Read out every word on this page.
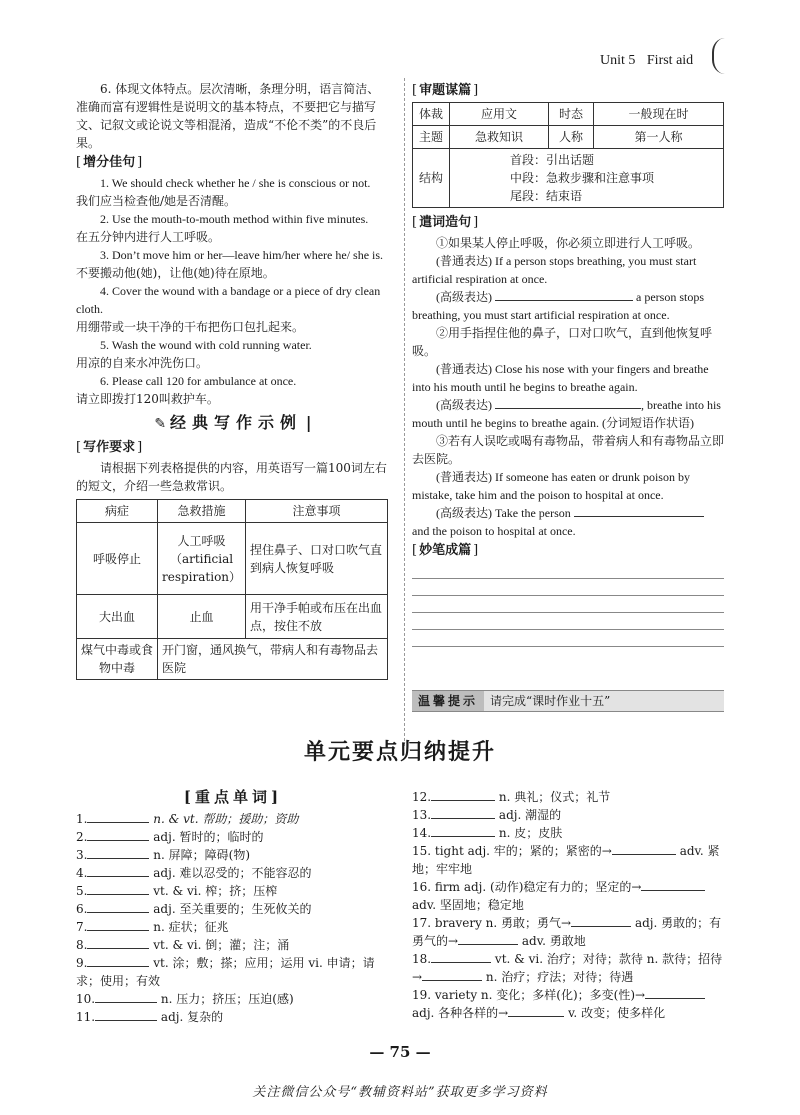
Unit 5 First aid

6. 体现文体特点。层次清晰，条理分明，语言简洁、准确而富有逻辑性是说明文的基本特点，不要把它与描写文、记叙文或论说文等相混淆，造成“不伦不类”的不良后果。

[ 增分佳句 ]

1. We should check whether he / she is conscious or not.

我们应当检查他/她是否清醒。

2. Use the mouth-to-mouth method within five minutes.

在五分钟内进行人工呼吸。

3. Don’t move him or her—leave him/her where he/ she is.

不要搬动他(她)，让他(她)待在原地。

4. Cover the wound with a bandage or a piece of dry clean cloth.

用绷带或一块干净的干布把伤口包扎起来。

5. Wash the wound with cold running water.

用凉的自来水冲洗伤口。

6. Please call 120 for ambulance at once.

请立即拨打120叫救护车。

✎ 经典写作示例 |
[ 写作要求 ]

请根据下列表格提供的内容，用英语写一篇100词左右的短文，介绍一些急救常识。

病症	急救措施	注意事项
呼吸停止	人工呼吸（artificial respiration）	捏住鼻子、口对口吹气直到病人恢复呼吸
大出血	止血	用干净手帕或布压在出血点，按住不放
煤气中毒或食物中毒	开门窗，通风换气，带病人和有毒物品去医院	
[ 审题谋篇 ]
体裁	应用文	时态	一般现在时
主题	急救知识	人称	第一人称
结构	首段：引出话题
中段：急救步骤和注意事项
尾段：结束语		
[ 遣词造句 ]

①如果某人停止呼吸，你必须立即进行人工呼吸。

(普通表达) If a person stops breathing, you must start artificial respiration at once.

(高级表达)	a person stops breathing, you must start artificial respiration at once.

②用手指捏住他的鼻子，口对口吹气，直到他恢复呼吸。

(普通表达) Close his nose with your fingers and breathe into his mouth until he begins to breathe again.

(高级表达)	, breathe into his mouth until he begins to breathe again. (分词短语作状语)

③若有人误吃或喝有毒物品，带着病人和有毒物品立即去医院。

(普通表达) If someone has eaten or drunk poison by mistake, take him and the poison to hospital at once.

(高级表达) Take the person  and the poison to hospital at once.

[ 妙笔成篇 ]
温馨提示 请完成“课时作业十五”
单元要点归纳提升
[重点单词]

1.	n. & vt. 帮助；援助；资助

2.	adj. 暂时的；临时的

3.	n. 屏障；障碍(物)

4.	adj. 难以忍受的；不能容忍的

5.	vt. & vi. 榨；挤；压榨

6.	adj. 至关重要的；生死攸关的

7.	n. 症状；征兆

8.	vt. & vi. 倒；灌；注；涌

9.	vt. 涂；敷；搽；应用；运用 vi. 申请；请求；使用；有效

10.	n. 压力；挤压；压迫(感)

11.	adj. 复杂的

12.	n. 典礼；仪式；礼节

13.	adj. 潮湿的

14.	n. 皮；皮肤

15. tight adj. 牢的；紧的；紧密的→	adv. 紧地；牢牢地

16. firm adj. (动作)稳定有力的；坚定的→ adv. 坚固地；稳定地

17. bravery n. 勇敢；勇气→	adj. 勇敢的；有勇气的→	adv. 勇敢地

18.	vt. & vi. 治疗；对待；款待 n. 款待；招待→	n. 治疗；疗法；对待；待遇

19. variety n. 变化；多样(化)；多变(性)→ adj. 各种各样的→	v. 改变；使多样化

— 75 —
关注微信公众号“教辅资料站”获取更多学习资料
